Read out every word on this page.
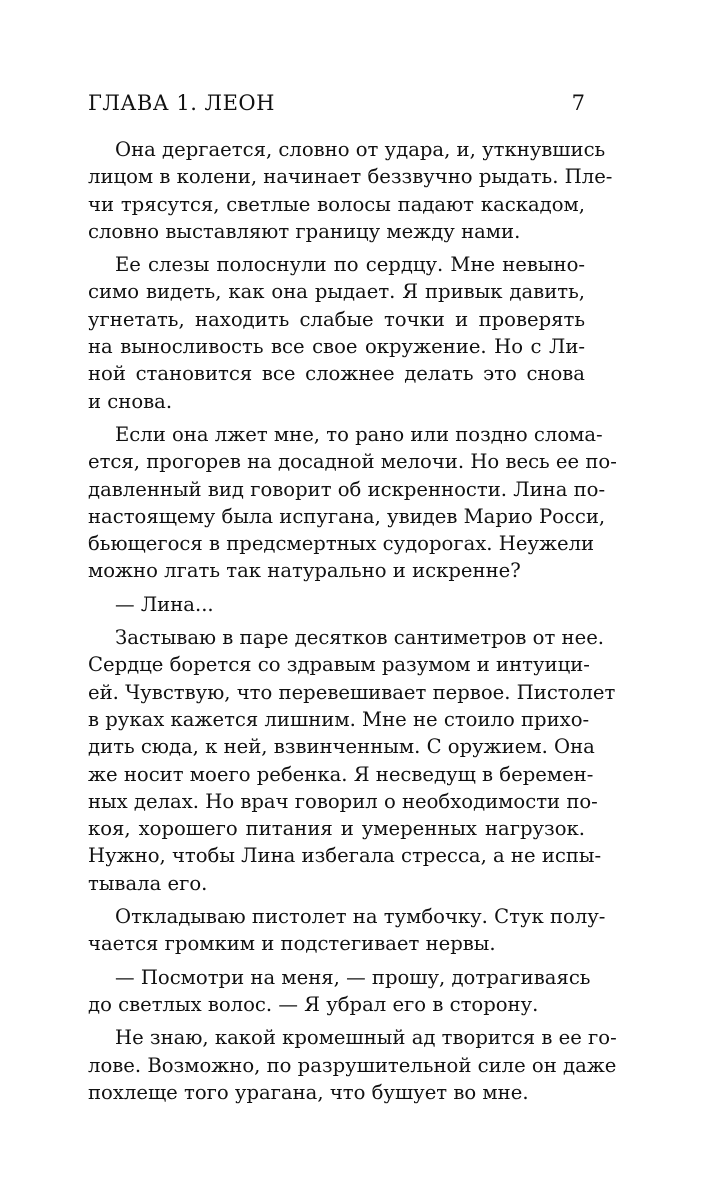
ГЛАВА 1. ЛЕОН	7
Она дергается, словно от удара, и, уткнувшись
лицом в колени, начинает беззвучно рыдать. Пле-
чи трясутся, светлые волосы падают каскадом,
словно выставляют границу между нами.
Ее слезы полоснули по сердцу. Мне невыно-
симо видеть, как она рыдает. Я привык давить,
угнетать, находить слабые точки и проверять
на выносливость все свое окружение. Но с Ли-
ной становится все сложнее делать это снова
и снова.
Если она лжет мне, то рано или поздно слома-
ется, прогорев на досадной мелочи. Но весь ее по-
давленный вид говорит об искренности. Лина по-
настоящему была испугана, увидев Марио Росси,
бьющегося в предсмертных судорогах. Неужели
можно лгать так натурально и искренне?
— Лина...
Застываю в паре десятков сантиметров от нее.
Сердце борется со здравым разумом и интуици-
ей. Чувствую, что перевешивает первое. Пистолет
в руках кажется лишним. Мне не стоило прихо-
дить сюда, к ней, взвинченным. С оружием. Она
же носит моего ребенка. Я несведущ в беремен-
ных делах. Но врач говорил о необходимости по-
коя, хорошего питания и умеренных нагрузок.
Нужно, чтобы Лина избегала стресса, а не испы-
тывала его.
Откладываю пистолет на тумбочку. Стук полу-
чается громким и подстегивает нервы.
— Посмотри на меня, — прошу, дотрагиваясь
до светлых волос. — Я убрал его в сторону.
Не знаю, какой кромешный ад творится в ее го-
лове. Возможно, по разрушительной силе он даже
похлеще того урагана, что бушует во мне.
